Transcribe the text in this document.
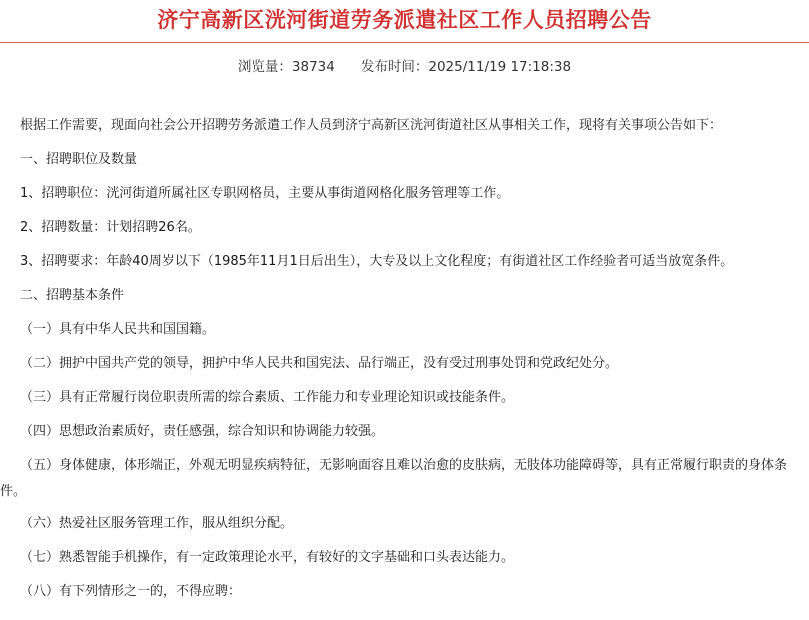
济宁高新区洸河街道劳务派遣社区工作人员招聘公告
浏览量：38734 发布时间：2025/11/19 17:18:38
根据工作需要，现面向社会公开招聘劳务派遣工作人员到济宁高新区洸河街道社区从事相关工作，现将有关事项公告如下：
一、招聘职位及数量
1、招聘职位：洸河街道所属社区专职网格员，主要从事街道网格化服务管理等工作。
2、招聘数量：计划招聘26名。
3、招聘要求：年龄40周岁以下（1985年11月1日后出生），大专及以上文化程度；有街道社区工作经验者可适当放宽条件。
二、招聘基本条件
（一）具有中华人民共和国国籍。
（二）拥护中国共产党的领导，拥护中华人民共和国宪法、品行端正，没有受过刑事处罚和党政纪处分。
（三）具有正常履行岗位职责所需的综合素质、工作能力和专业理论知识或技能条件。
（四）思想政治素质好，责任感强，综合知识和协调能力较强。
（五）身体健康，体形端正，外观无明显疾病特征，无影响面容且难以治愈的皮肤病，无肢体功能障碍等，具有正常履行职责的身体条件。
（六）热爱社区服务管理工作，服从组织分配。
（七）熟悉智能手机操作，有一定政策理论水平，有较好的文字基础和口头表达能力。
（八）有下列情形之一的，不得应聘：
